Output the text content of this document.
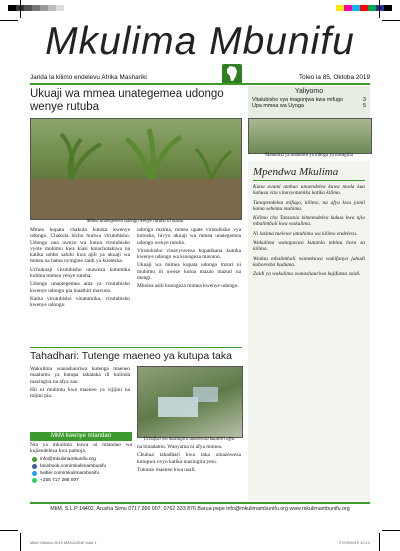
Mkulima Mbunifu
Jarida la kilimo endelevu Afrika Mashariki	Toleo la 85, Oktoba 2019
Ukuaji wa mmea unategemea udongo wenye rutuba
Mmea unategemea udongo wenye rutuba ili kuzaa

Mmea hupata chakula kutoka kwenye udongo. Chakula hicho huitwa virutubisho. Udongo una uwezo wa kutoa virutubisho vyote muhimu kwa kiasi kinachotakiwa na katika umbo sahihi kwa ajili ya ukuaji wa mmea na hatua nyingine zaidi ya kuotesha.

Uchukuaji virutubisho unaweza kutumika kulima mimea yenye rutuba.

Udongo unaotegemea aina ya virutubisho kwenye udongo pia inaathiri mavuno.

Kama virutubisho vinatumika, virutubisho kwenye udongo.

udongo mzima, mmea upate virutubisho vya kutosha, hivyo ukuaji wa mmea unategemea udongo wenye rutuba.

Virutubisho vinavyoweza kupatikana kutoka kwenye udongo wa kuongeza mavuno.

Ukuaji wa mimea kupata udongo mzuri ni muhimu ili uweze kutoa mazao mazuri na mengi.

Mbolea asili kuongeza mimea kwenye udongo.

Tahadhari: Tutenge maeneo ya kutupa taka

Wakulima wanashauriwa kutenga maeneo maalumu ya kutupa takataka ili kulinda mazingira na afya zao.

Hii ni muhimu kwa maeneo ya vijijini na mijini pia.

Uchafuzi wa mazingira unaoweza kuathiri afya

na binadamu. Wanyama ni afya mimea.

Chukua tahadhari kwa taka zinazoweza kutupwa ovyo katika mazingira yetu.

Tutunze maeneo kwa usafi.

MkM kwenye mtandao
Nia ya mkulima kuwa ni mtandao wa kujiendeleza kwa pamoja.
info@mkulimambunifu.org
facebook.com/mkulimambunifu
twitter.com/mkulimambunifu
+255 717 266 007
Yaliyomo
Vitalubisho vya magonjwa kwa mifugo	3
Upa mmea wa Uyoga	5
Matumizi ya maturubi ya mboga ya mwagilia
Mpendwa Mkulima

Kuna uvumi ambao unaendelea kuwa mada kuu kuhusu vitu vinavyotumika katika kilimo.

Tunapendelea mifugo, kilimo, na afya kwa jamii kama sehemu muhimu.

Kilimo cha Tanzania kimeendelea kukua kwa njia mbalimbali kwa wakulima.

Ni lazima tuelewe umuhimu wa kilimo endelevu.

Wakulima wanapaswa kutumia mbinu bora za kilimo.

Wadau mbalimbali wamekuwa wakifanya juhudi kuboresha huduma.

Zaidi ya wakulima wanashauriwa kujifunza zaidi.

MkM, S.L.P 14402, Arusha Simu 0717 266 007, 0762 333 876 Barua pepe info@mkulimambunifu.org www.mkulimambunifu.org
MkM Oktoba 2019 MAGAZINE.indd 1	27/09/2019 12:14
